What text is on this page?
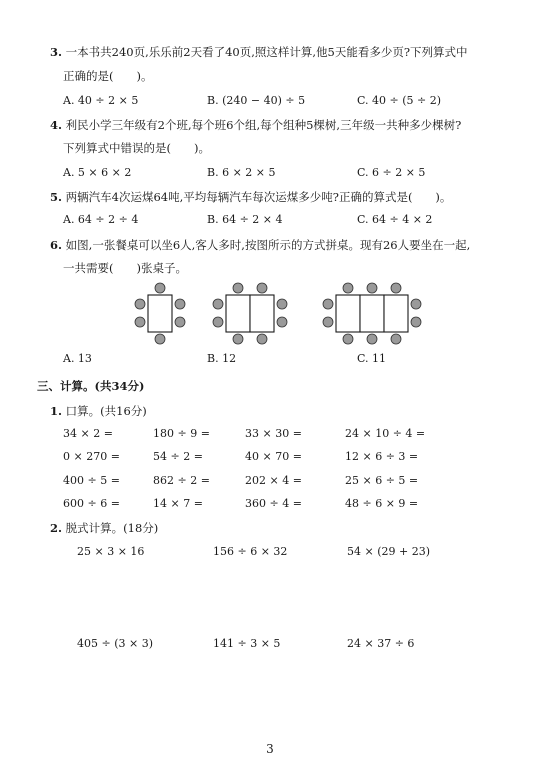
3. 一本书共240页,乐乐前2天看了40页,照这样计算,他5天能看多少页?下列算式中
正确的是(　　)。
A. 40 ÷ 2 × 5	B. (240 − 40) ÷ 5	C. 40 ÷ (5 ÷ 2)
4. 利民小学三年级有2个班,每个班6个组,每个组种5棵树,三年级一共种多少棵树?
下列算式中错误的是(　　)。
A. 5 × 6 × 2	B. 6 × 2 × 5	C. 6 ÷ 2 × 5
5. 两辆汽车4次运煤64吨,平均每辆汽车每次运煤多少吨?正确的算式是(　　)。
A. 64 ÷ 2 ÷ 4	B. 64 ÷ 2 × 4	C. 64 ÷ 4 × 2
6. 如图,一张餐桌可以坐6人,客人多时,按图所示的方式拼桌。现有26人要坐在一起,
一共需要(　　)张桌子。
A. 13	B. 12	C. 11
三、计算。(共34分)
1. 口算。(共16分)
34 × 2 =	180 ÷ 9 =	33 × 30 =	24 × 10 ÷ 4 =
0 × 270 =	54 ÷ 2 =	40 × 70 =	12 × 6 ÷ 3 =
400 ÷ 5 =	862 ÷ 2 =	202 × 4 =	25 × 6 ÷ 5 =
600 ÷ 6 =	14 × 7 =	360 ÷ 4 =	48 ÷ 6 × 9 =
2. 脱式计算。(18分)
25 × 3 × 16	156 ÷ 6 × 32	54 × (29 + 23)
405 ÷ (3 × 3)	141 ÷ 3 × 5	24 × 37 ÷ 6
3
